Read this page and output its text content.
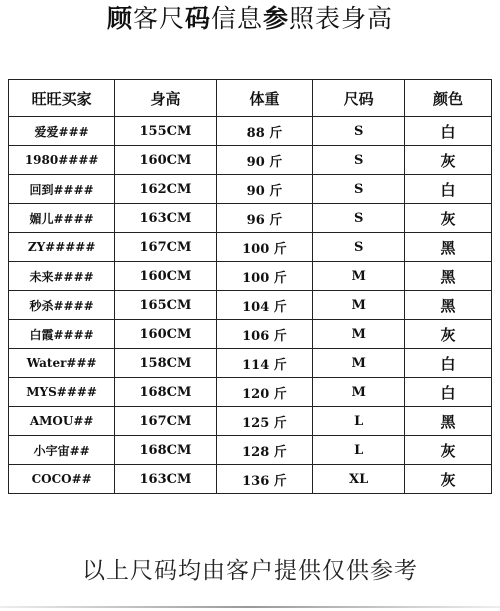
顾客尺码信息参照表身高
旺旺买家	身高	体重	尺码	颜色
爱爱###	155CM	88 斤	S	白
1980####	160CM	90 斤	S	灰
回到####	162CM	90 斤	S	白
媚儿####	163CM	96 斤	S	灰
ZY#####	167CM	100 斤	S	黑
未来####	160CM	100 斤	M	黑
秒杀####	165CM	104 斤	M	黑
白霞####	160CM	106 斤	M	灰
Water###	158CM	114 斤	M	白
MYS####	168CM	120 斤	M	白
AMOU##	167CM	125 斤	L	黑
小宇宙##	168CM	128 斤	L	灰
COCO##	163CM	136 斤	XL	灰
以上尺码均由客户提供仅供参考
